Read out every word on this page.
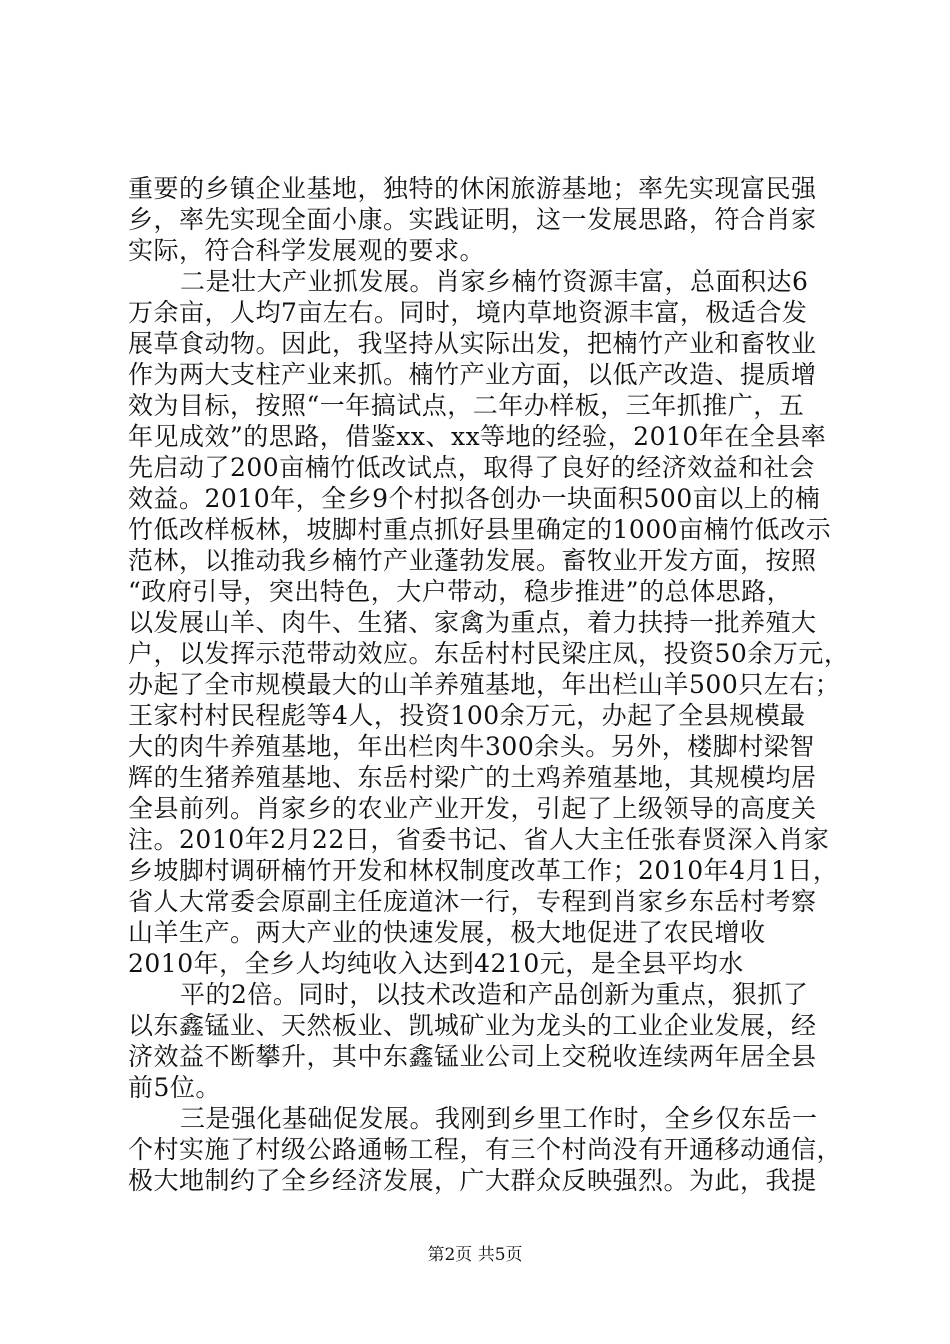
重要的乡镇企业基地，独特的休闲旅游基地；率先实现富民强
乡，率先实现全面小康。实践证明，这一发展思路，符合肖家
实际，符合科学发展观的要求。
二是壮大产业抓发展。肖家乡楠竹资源丰富，总面积达6
万余亩，人均7亩左右。同时，境内草地资源丰富，极适合发
展草食动物。因此，我坚持从实际出发，把楠竹产业和畜牧业
作为两大支柱产业来抓。楠竹产业方面，以低产改造、提质增
效为目标，按照“一年搞试点，二年办样板，三年抓推广，五
年见成效”的思路，借鉴xx、xx等地的经验，2010年在全县率
先启动了200亩楠竹低改试点，取得了良好的经济效益和社会
效益。2010年，全乡9个村拟各创办一块面积500亩以上的楠
竹低改样板林，坡脚村重点抓好县里确定的1000亩楠竹低改示
范林，以推动我乡楠竹产业蓬勃发展。畜牧业开发方面，按照
“政府引导，突出特色，大户带动，稳步推进”的总体思路，
以发展山羊、肉牛、生猪、家禽为重点，着力扶持一批养殖大
户，以发挥示范带动效应。东岳村村民梁庄凤，投资50余万元，
办起了全市规模最大的山羊养殖基地，年出栏山羊500只左右；
王家村村民程彪等4人，投资100余万元，办起了全县规模最
大的肉牛养殖基地，年出栏肉牛300余头。另外，楼脚村梁智
辉的生猪养殖基地、东岳村梁广的土鸡养殖基地，其规模均居
全县前列。肖家乡的农业产业开发，引起了上级领导的高度关
注。2010年2月22日，省委书记、省人大主任张春贤深入肖家
乡坡脚村调研楠竹开发和林权制度改革工作；2010年4月1日，
省人大常委会原副主任庞道沐一行，专程到肖家乡东岳村考察
山羊生产。两大产业的快速发展，极大地促进了农民增收
2010年，全乡人均纯收入达到4210元，是全县平均水
平的2倍。同时，以技术改造和产品创新为重点，狠抓了
以东鑫锰业、天然板业、凯城矿业为龙头的工业企业发展，经
济效益不断攀升，其中东鑫锰业公司上交税收连续两年居全县
前5位。
三是强化基础促发展。我刚到乡里工作时，全乡仅东岳一
个村实施了村级公路通畅工程，有三个村尚没有开通移动通信，
极大地制约了全乡经济发展，广大群众反映强烈。为此，我提
第2页 共5页
